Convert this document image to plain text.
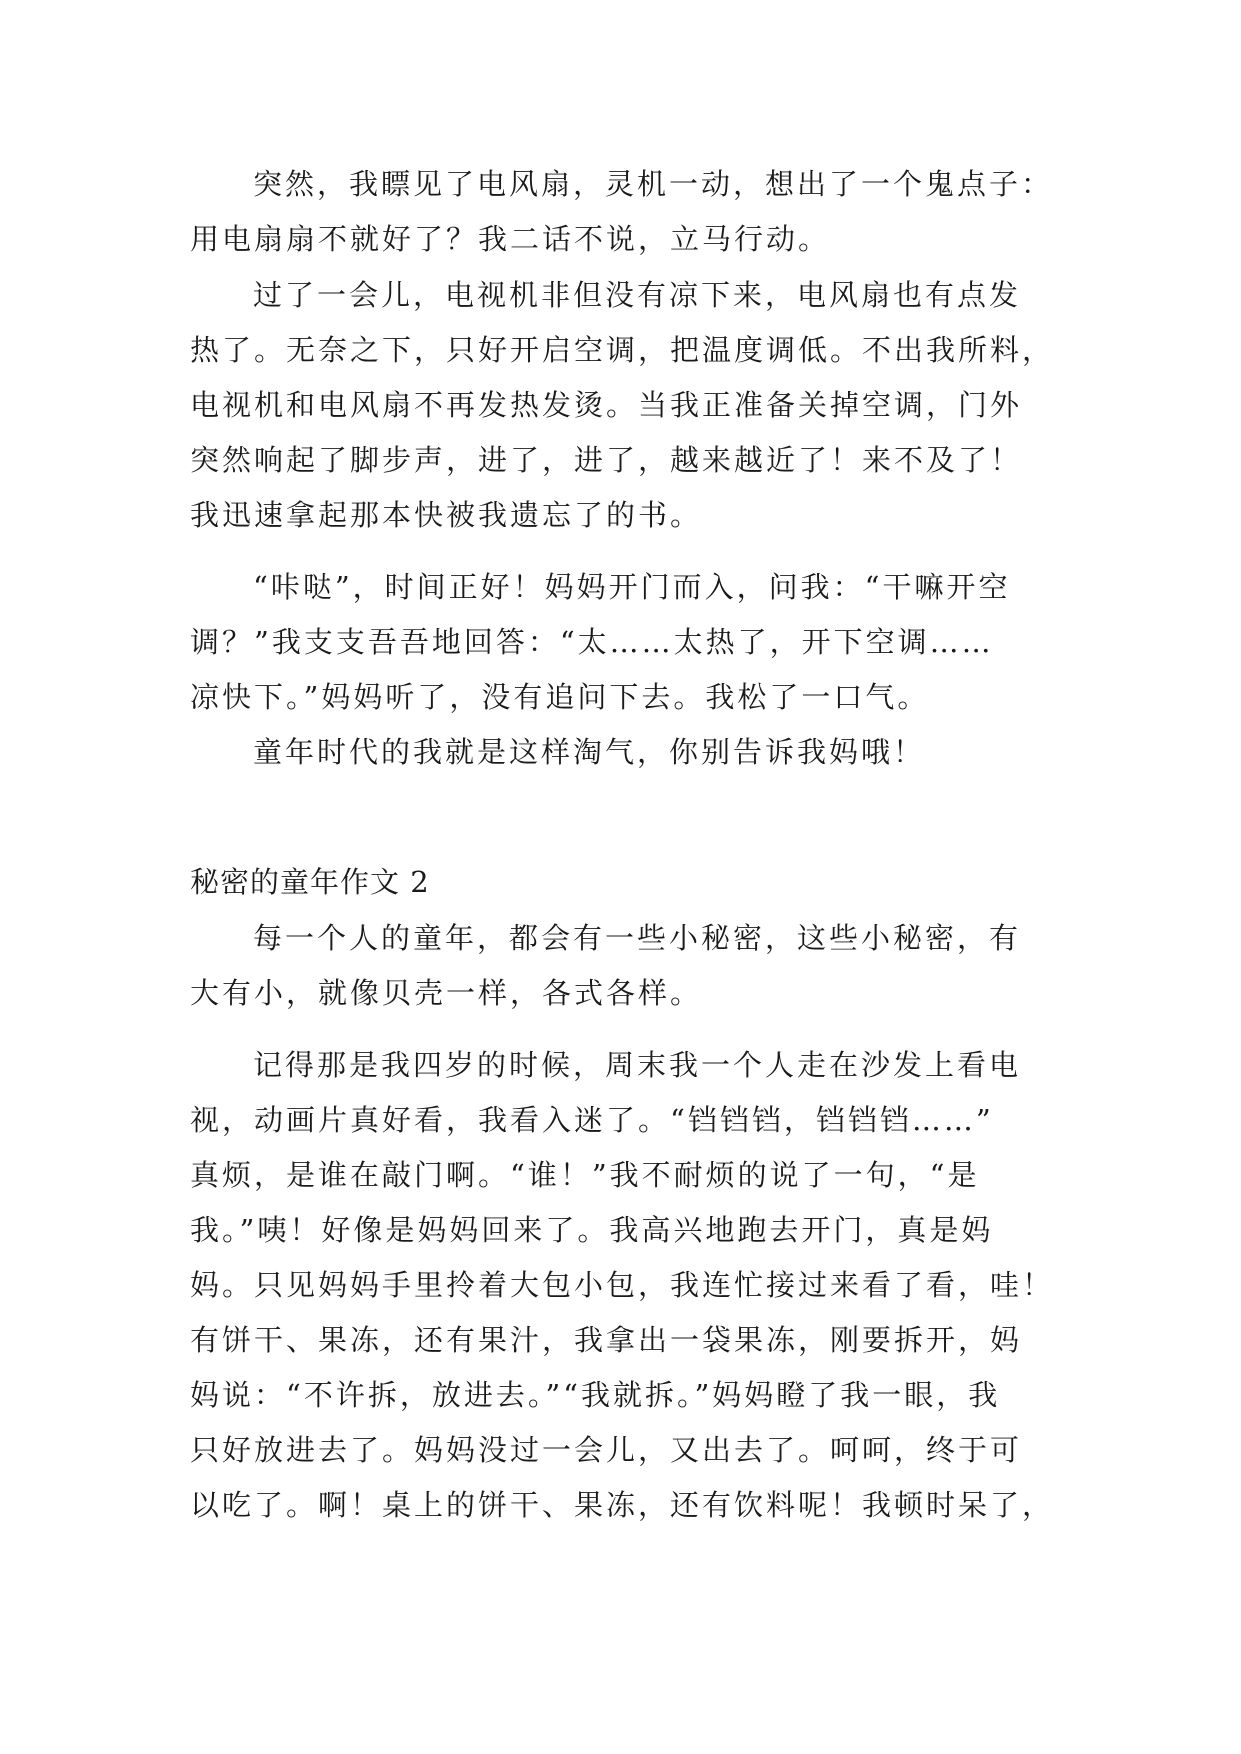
突然，我瞟见了电风扇，灵机一动，想出了一个鬼点子：
用电扇扇不就好了？我二话不说，立马行动。
过了一会儿，电视机非但没有凉下来，电风扇也有点发
热了。无奈之下，只好开启空调，把温度调低。不出我所料，
电视机和电风扇不再发热发烫。当我正准备关掉空调，门外
突然响起了脚步声，进了，进了，越来越近了！来不及了！
我迅速拿起那本快被我遗忘了的书。
“咔哒”，时间正好！妈妈开门而入，问我：“干嘛开空
调？”我支支吾吾地回答：“太……太热了，开下空调……
凉快下。”妈妈听了，没有追问下去。我松了一口气。
童年时代的我就是这样淘气，你别告诉我妈哦！
秘密的童年作文 2
每一个人的童年，都会有一些小秘密，这些小秘密，有
大有小，就像贝壳一样，各式各样。
记得那是我四岁的时候，周末我一个人走在沙发上看电
视，动画片真好看，我看入迷了。“铛铛铛，铛铛铛……”
真烦，是谁在敲门啊。“谁！”我不耐烦的说了一句，“是
我。”咦！好像是妈妈回来了。我高兴地跑去开门，真是妈
妈。只见妈妈手里拎着大包小包，我连忙接过来看了看，哇！
有饼干、果冻，还有果汁，我拿出一袋果冻，刚要拆开，妈
妈说：“不许拆，放进去。”“我就拆。”妈妈瞪了我一眼，我
只好放进去了。妈妈没过一会儿，又出去了。呵呵，终于可
以吃了。啊！桌上的饼干、果冻，还有饮料呢！我顿时呆了，
